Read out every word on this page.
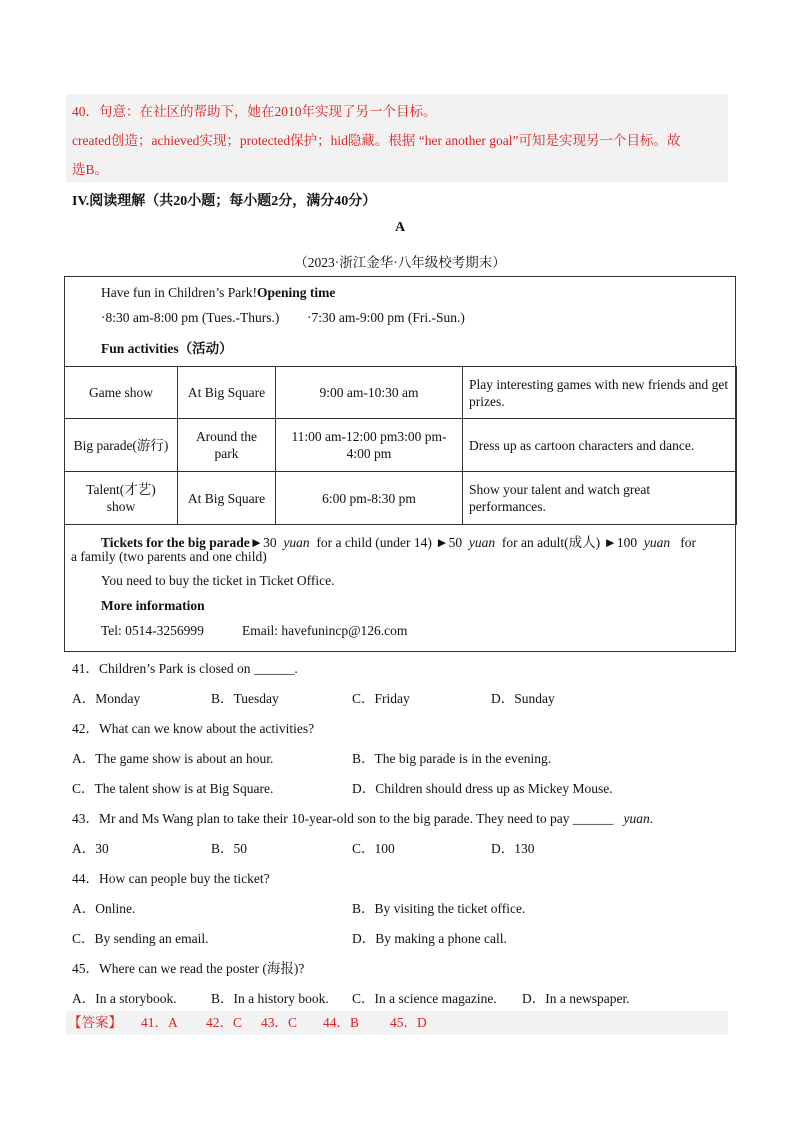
40．句意：在社区的帮助下，她在2010年实现了另一个目标。
created创造；achieved实现；protected保护；hid隐藏。根据 “her another goal”可知是实现另一个目标。故
选B。
IV.阅读理解（共20小题；每小题2分，满分40分）
A
（2023·浙江金华·八年级校考期末）
Have fun in Children’s Park!Opening time
·8:30 am-8:00 pm (Tues.-Thurs.) ·7:30 am-9:00 pm (Fri.-Sun.)
Fun activities（活动）
Game show	At Big Square	9:00 am-10:30 am	Play interesting games with new friends and get prizes.
Big parade(游行)	Around the park	11:00 am-12:00 pm3:00 pm-4:00 pm	Dress up as cartoon characters and dance.
Talent(才艺) show	At Big Square	6:00 pm-8:30 pm	Show your talent and watch great performances.
Tickets for the big parade►30 yuan for a child (under 14) ►50 yuan for an adult(成人) ►100 yuan for
a family (two parents and one child)
You need to buy the ticket in Ticket Office.
More information
Tel: 0514-3256999	Email: havefunincp@126.com
41．Children’s Park is closed on ______.
A．Monday	B．Tuesday	C．Friday	D．Sunday
42．What can we know about the activities?
A．The game show is about an hour.	B．The big parade is in the evening.
C．The talent show is at Big Square.	D．Children should dress up as Mickey Mouse.
43．Mr and Ms Wang plan to take their 10-year-old son to the big parade. They need to pay ______ yuan.
A．30	B．50	C．100	D．130
44．How can people buy the ticket?
A．Online.	B．By visiting the ticket office.
C．By sending an email.	D．By making a phone call.
45．Where can we read the poster (海报)?
A．In a storybook.	B．In a history book. C．In a science magazine. D．In a newspaper.
【答案】 41．A 42．C 43．C 44．B 45．D
